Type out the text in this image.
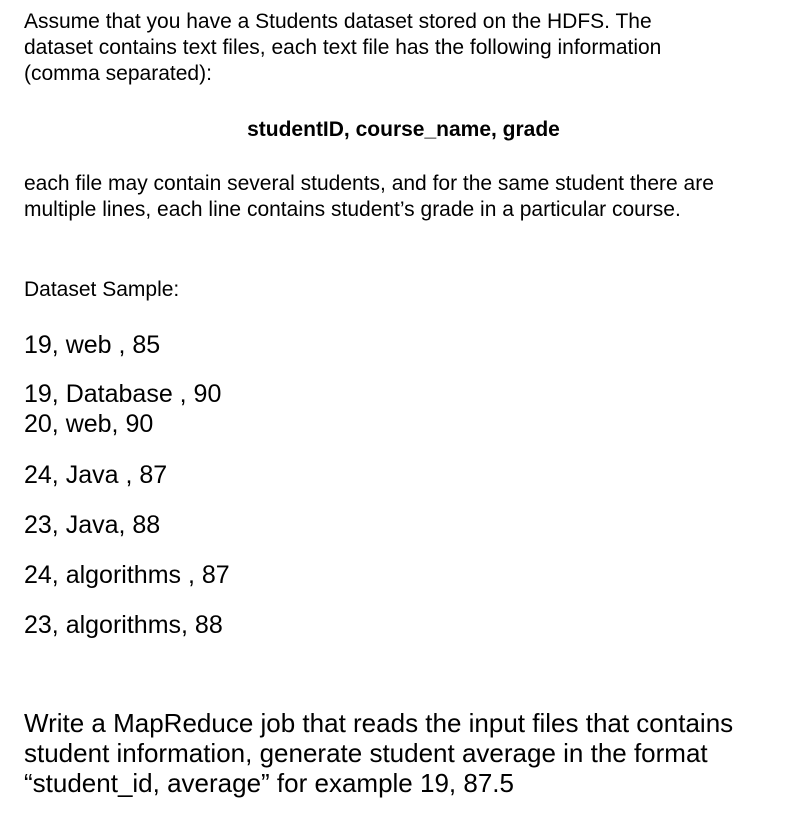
Assume that you have a Students dataset stored on the HDFS. The
dataset contains text files, each text file has the following information
(comma separated):

studentID, course_name, grade

each file may contain several students, and for the same student there are
multiple lines, each line contains student’s grade in a particular course.

Dataset Sample:

19, web , 85

19, Database , 90

20, web, 90

24, Java , 87

23, Java, 88

24, algorithms , 87

23, algorithms, 88

Write a MapReduce job that reads the input files that contains
student information, generate student average in the format
“student_id, average” for example 19, 87.5
